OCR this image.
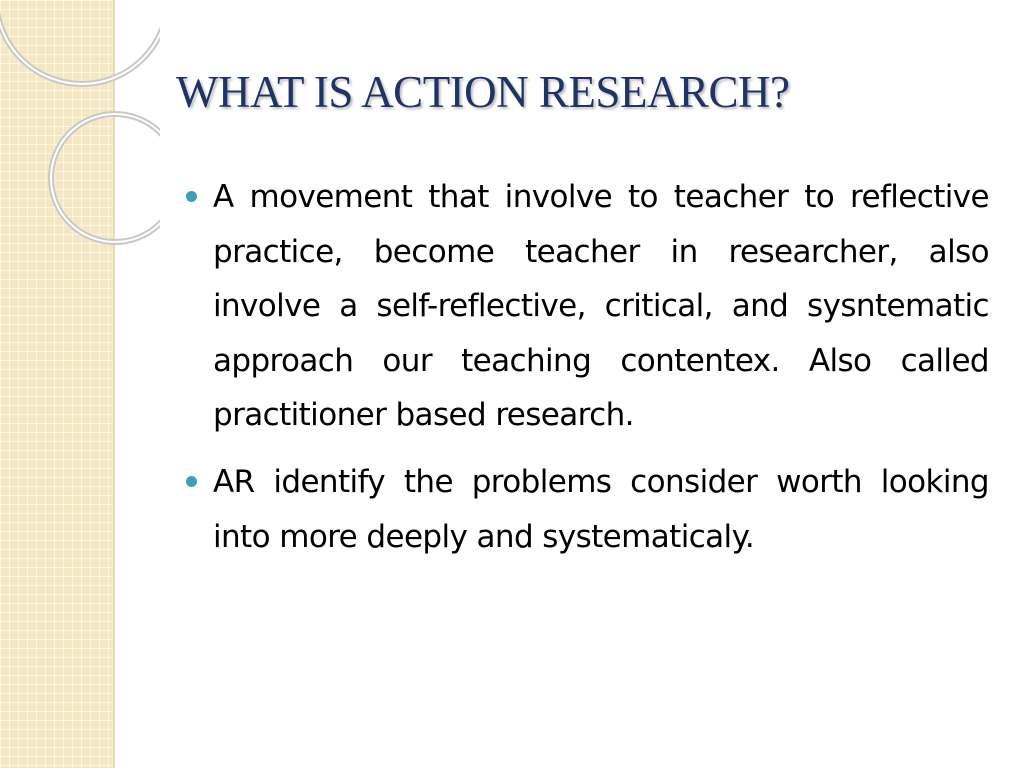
WHAT IS ACTION RESEARCH?
A movement that involve to teacher to reflective practice, become teacher in researcher, also involve a self-reflective, critical, and sysntematic approach our teaching contentex. Also called practitioner based research.
AR identify the problems consider worth looking into more deeply and systematicaly.
